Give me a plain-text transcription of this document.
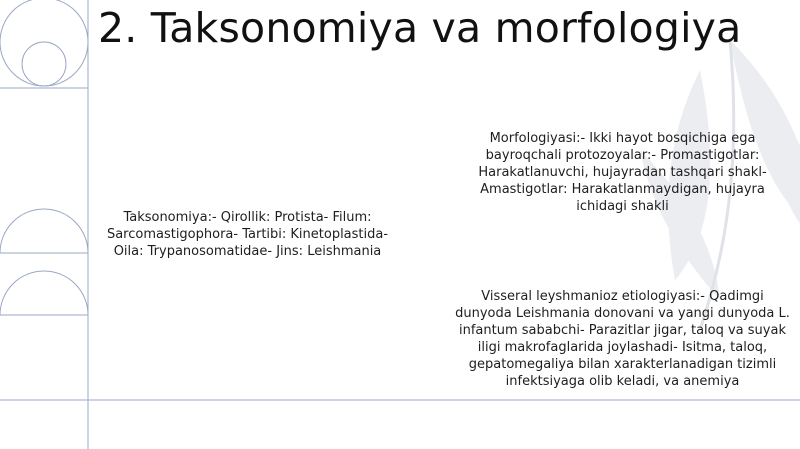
2. Taksonomiya va morfologiya
Taksonomiya:- Qirollik: Protista- Filum: Sarcomastigophora- Tartibi: Kinetoplastida- Oila: Trypanosomatidae- Jins: Leishmania
Morfologiyasi:- Ikki hayot bosqichiga ega bayroqchali protozoyalar:- Promastigotlar: Harakatlanuvchi, hujayradan tashqari shakl- Amastigotlar: Harakatlanmaydigan, hujayra ichidagi shakli
Visseral leyshmanioz etiologiyasi:- Qadimgi dunyoda Leishmania donovani va yangi dunyoda L. infantum sababchi- Parazitlar jigar, taloq va suyak iligi makrofaglarida joylashadi- Isitma, taloq, gepatomegaliya bilan xarakterlanadigan tizimli infektsiyaga olib keladi, va anemiya
